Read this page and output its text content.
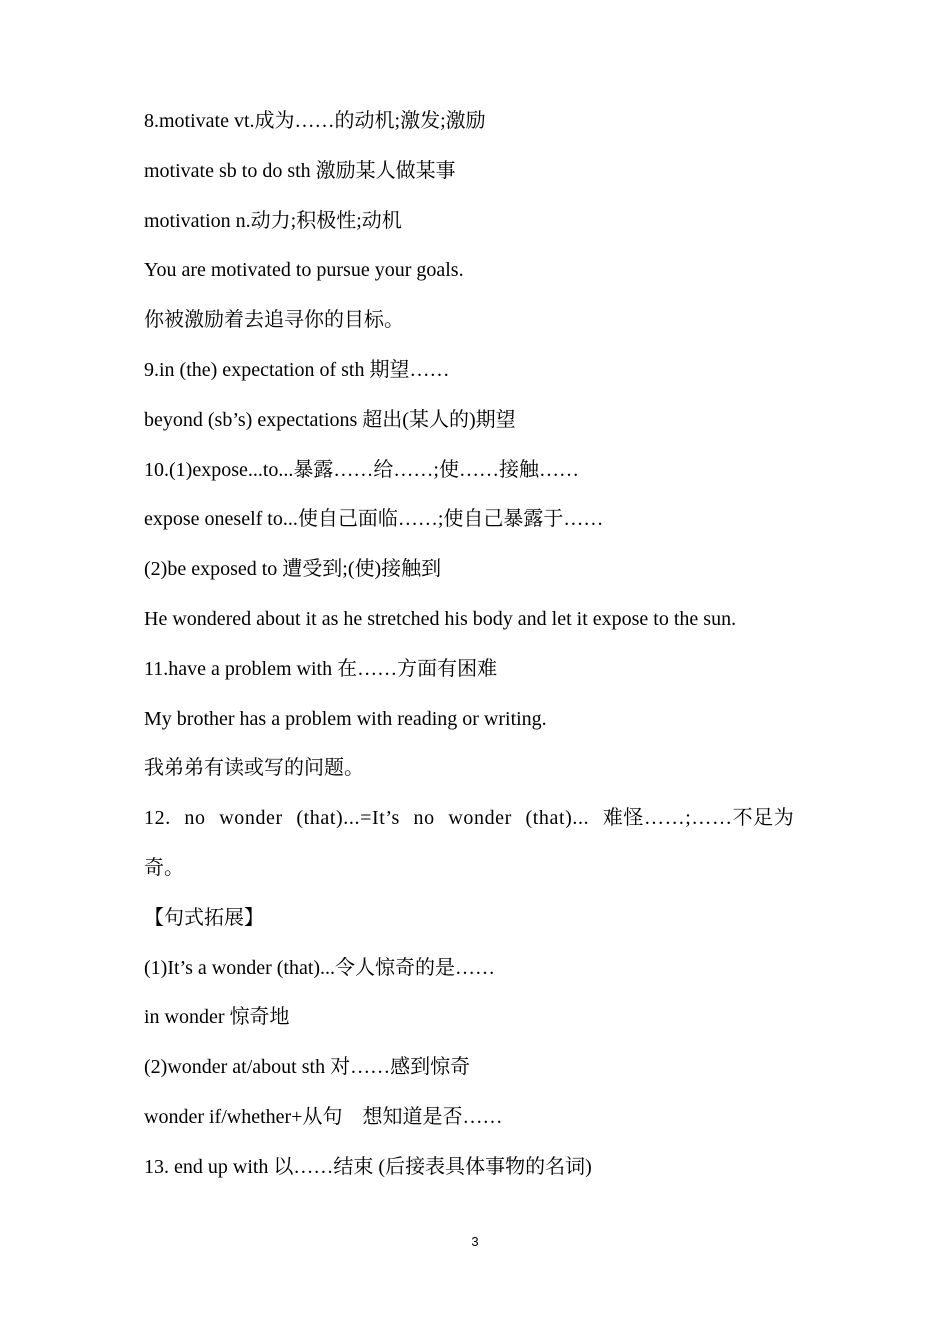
8.motivate vt.成为……的动机;激发;激励
motivate sb to do sth 激励某人做某事
motivation n.动力;积极性;动机
You are motivated to pursue your goals.
你被激励着去追寻你的目标。
9.in (the) expectation of sth 期望……
beyond (sb’s) expectations 超出(某人的)期望
10.(1)expose...to...暴露……给……;使……接触……
expose oneself to...使自己面临……;使自己暴露于……
(2)be exposed to 遭受到;(使)接触到
He wondered about it as he stretched his body and let it expose to the sun.
11.have a problem with 在……方面有困难
My brother has a problem with reading or writing.
我弟弟有读或写的问题。
12. no wonder (that)...=It’s no wonder (that)... 难怪……;……不足为
奇。
【句式拓展】
(1)It’s a wonder (that)...令人惊奇的是……
in wonder 惊奇地
(2)wonder at/about sth 对……感到惊奇
wonder if/whether+从句　想知道是否……
13. end up with 以……结束 (后接表具体事物的名词)
3
